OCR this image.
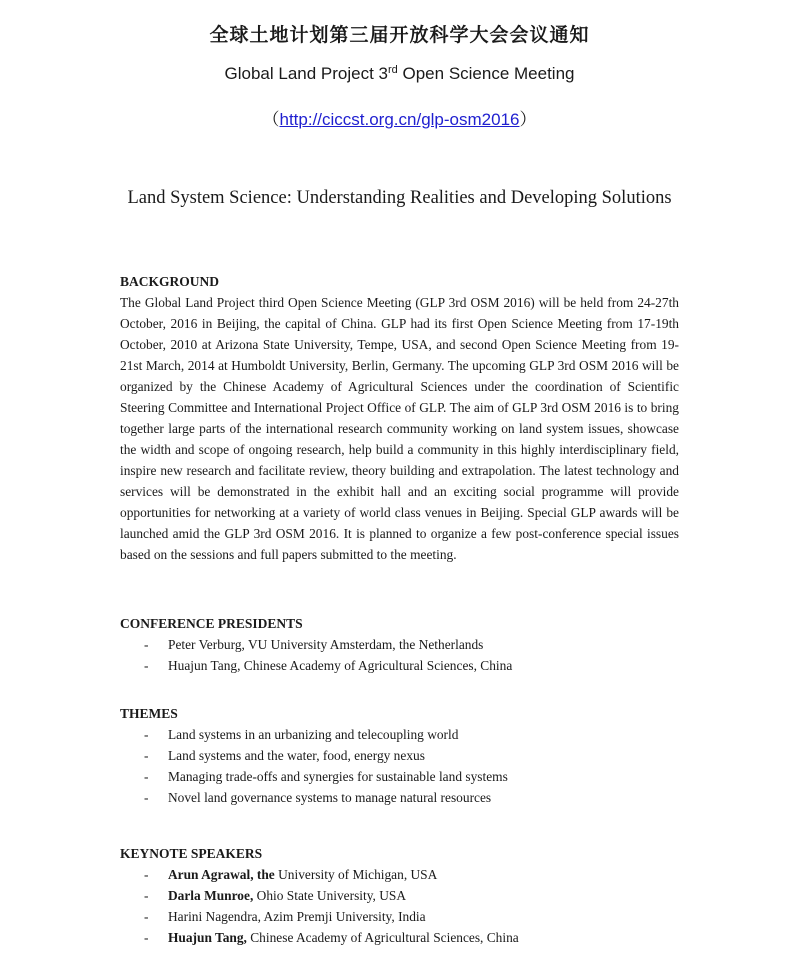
全球土地计划第三届开放科学大会会议通知
Global Land Project 3rd Open Science Meeting
（http://ciccst.org.cn/glp-osm2016）
Land System Science: Understanding Realities and Developing Solutions
BACKGROUND

The Global Land Project third Open Science Meeting (GLP 3rd OSM 2016) will be held from 24-27th October, 2016 in Beijing, the capital of China. GLP had its first Open Science Meeting from 17-19th October, 2010 at Arizona State University, Tempe, USA, and second Open Science Meeting from 19-21st March, 2014 at Humboldt University, Berlin, Germany. The upcoming GLP 3rd OSM 2016 will be organized by the Chinese Academy of Agricultural Sciences under the coordination of Scientific Steering Committee and International Project Office of GLP. The aim of GLP 3rd OSM 2016 is to bring together large parts of the international research community working on land system issues, showcase the width and scope of ongoing research, help build a community in this highly interdisciplinary field, inspire new research and facilitate review, theory building and extrapolation. The latest technology and services will be demonstrated in the exhibit hall and an exciting social programme will provide opportunities for networking at a variety of world class venues in Beijing. Special GLP awards will be launched amid the GLP 3rd OSM 2016. It is planned to organize a few post-conference special issues based on the sessions and full papers submitted to the meeting.

CONFERENCE PRESIDENTS
- Peter Verburg, VU University Amsterdam, the Netherlands
- Huajun Tang, Chinese Academy of Agricultural Sciences, China
THEMES
- Land systems in an urbanizing and telecoupling world
- Land systems and the water, food, energy nexus
- Managing trade-offs and synergies for sustainable land systems
- Novel land governance systems to manage natural resources
KEYNOTE SPEAKERS
- Arun Agrawal, the University of Michigan, USA
- Darla Munroe, Ohio State University, USA
- Harini Nagendra, Azim Premji University, India
- Huajun Tang, Chinese Academy of Agricultural Sciences, China
